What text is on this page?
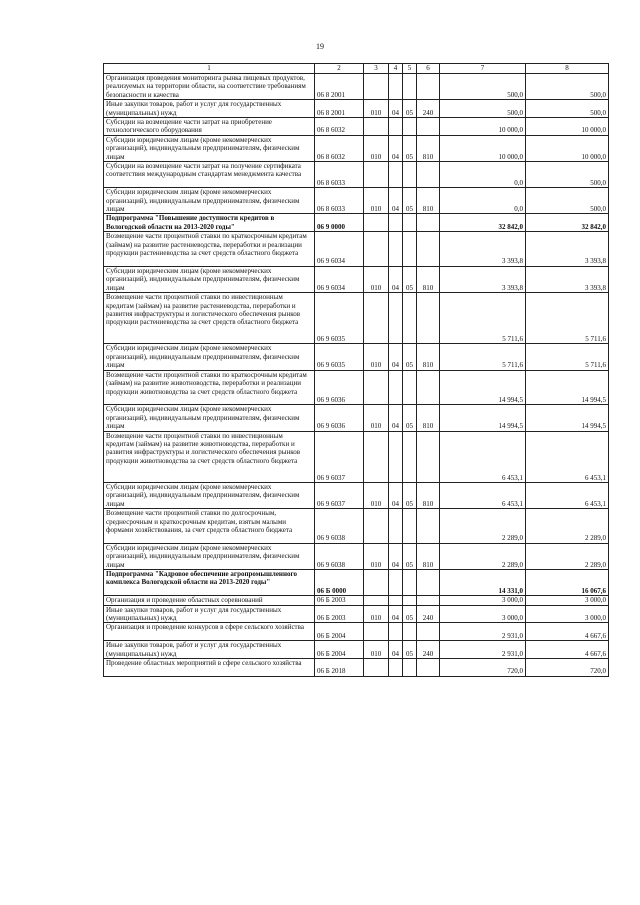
19
1	2	3	4	5	6	7	8
Организация проведения мониторинга рынка пищевых продуктов, реализуемых на территории области, на соответствие требованиям безопасности и качества	06 8 2001					500,0	500,0
Иные закупки товаров, работ и услуг для государственных (муниципальных) нужд	06 8 2001	010	04	05	240	500,0	500,0
Субсидии на возмещение части затрат на приобретение технологического оборудования	06 8 6032					10 000,0	10 000,0
Субсидии юридическим лицам (кроме некоммерческих организаций), индивидуальным предпринимателям, физическим лицам	06 8 6032	010	04	05	810	10 000,0	10 000,0
Субсидии на возмещение части затрат на получение сертификата соответствия международным стандартам менеджмента качества	06 8 6033					0,0	500,0
Субсидии юридическим лицам (кроме некоммерческих организаций), индивидуальным предпринимателям, физическим лицам	06 8 6033	010	04	05	810	0,0	500,0
Подпрограмма "Повышение доступности кредитов в Вологодской области на 2013-2020 годы"	06 9 0000					32 842,0	32 842,0
Возмещение части процентной ставки по краткосрочным кредитам (займам) на развитие растениеводства, переработки и реализации продукции растениеводства за счет средств областного бюджета	06 9 6034					3 393,8	3 393,8
Субсидии юридическим лицам (кроме некоммерческих организаций), индивидуальным предпринимателям, физическим лицам	06 9 6034	010	04	05	810	3 393,8	3 393,8
Возмещение части процентной ставки по инвестиционным кредитам (займам) на развитие растениеводства, переработки и развития инфраструктуры и логистического обеспечения рынков продукции растениеводства за счет средств областного бюджета	06 9 6035					5 711,6	5 711,6
Субсидии юридическим лицам (кроме некоммерческих организаций), индивидуальным предпринимателям, физическим лицам	06 9 6035	010	04	05	810	5 711,6	5 711,6
Возмещение части процентной ставки по краткосрочным кредитам (займам) на развитие животноводства, переработки и реализации продукции животноводства за счет средств областного бюджета	06 9 6036					14 994,5	14 994,5
Субсидии юридическим лицам (кроме некоммерческих организаций), индивидуальным предпринимателям, физическим лицам	06 9 6036	010	04	05	810	14 994,5	14 994,5
Возмещение части процентной ставки по инвестиционным кредитам (займам) на развитие животноводства, переработки и развития инфраструктуры и логистического обеспечения рынков продукции животноводства за счет средств областного бюджета	06 9 6037					6 453,1	6 453,1
Субсидии юридическим лицам (кроме некоммерческих организаций), индивидуальным предпринимателям, физическим лицам	06 9 6037	010	04	05	810	6 453,1	6 453,1
Возмещение части процентной ставки по долгосрочным, среднесрочным и краткосрочным кредитам, взятым малыми формами хозяйствования, за счет средств областного бюджета	06 9 6038					2 289,0	2 289,0
Субсидии юридическим лицам (кроме некоммерческих организаций), индивидуальным предпринимателям, физическим лицам	06 9 6038	010	04	05	810	2 289,0	2 289,0
Подпрограмма "Кадровое обеспечение агропромышленного комплекса Вологодской области на 2013-2020 годы"	06 Б 0000					14 331,0	16 067,6
Организация и проведение областных соревнований	06 Б 2003					3 000,0	3 000,0
Иные закупки товаров, работ и услуг для государственных (муниципальных) нужд	06 Б 2003	010	04	05	240	3 000,0	3 000,0
Организация и проведение конкурсов в сфере сельского хозяйства	06 Б 2004					2 931,0	4 667,6
Иные закупки товаров, работ и услуг для государственных (муниципальных) нужд	06 Б 2004	010	04	05	240	2 931,0	4 667,6
Проведение областных мероприятий в сфере сельского хозяйства	06 Б 2018					720,0	720,0
